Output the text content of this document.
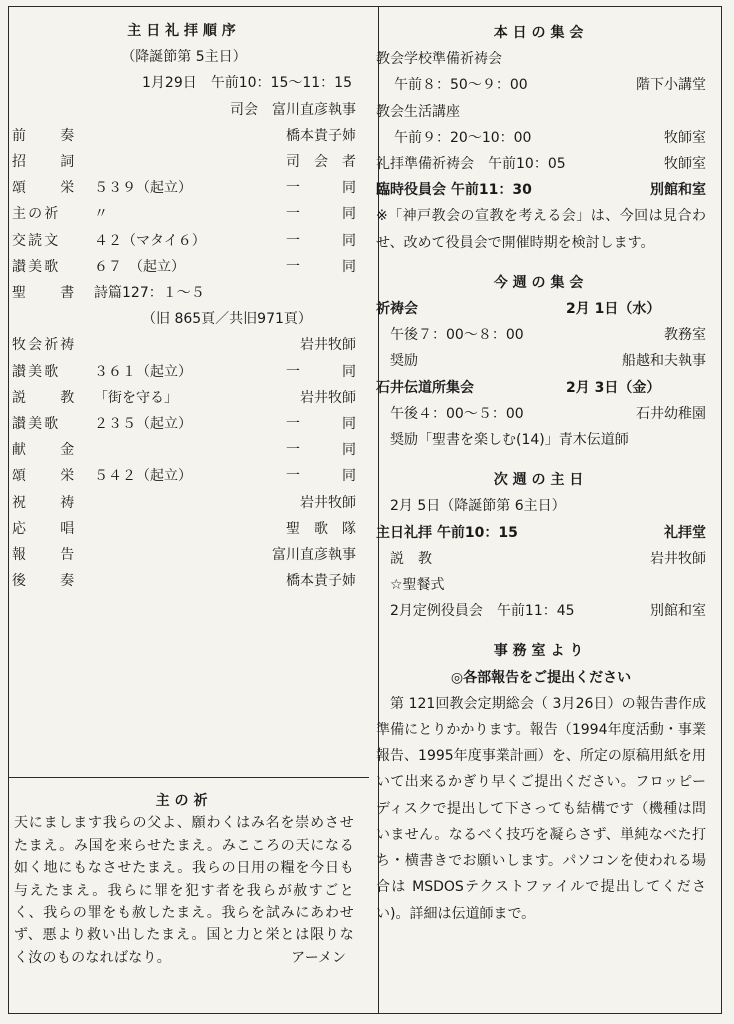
主日礼拝順序
（降誕節第 5主日）
1月29日　午前10：15〜11：15
司会　富川直彦執事
前　　奏	橋本貴子姉
招　　詞	司　会　者
頌　　栄	５３９（起立）	一　　　同
主の祈	〃	一　　　同
交読文	４２（マタイ６）	一　　　同
讃美歌	６７　（起立）	一　　　同
聖　　書	詩篇127：１〜５
（旧 865頁／共旧971頁）
牧会祈祷	岩井牧師
讃美歌	３６１（起立）	一　　　同
説　　教	「街を守る」	岩井牧師
讃美歌	２３５（起立）	一　　　同
献　　金	一　　　同
頌　　栄	５４２（起立）	一　　　同
祝　　祷	岩井牧師
応　　唱	聖　歌　隊
報　　告	富川直彦執事
後　　奏	橋本貴子姉
主の祈
天にまします我らの父よ、願わくはみ名を崇めさせたまえ。み国を来らせたまえ。みこころの天になる如く地にもなさせたまえ。我らの日用の糧を今日も与えたまえ。我らに罪を犯す者を我らが赦すごとく、我らの罪をも赦したまえ。我らを試みにあわせず、悪より救い出したまえ。国と力と栄とは限りなく汝のものなればなり。	アーメン
本日の集会
教会学校準備祈祷会
午前８：50〜９：00	階下小講堂
教会生活講座
午前９：20〜10：00	牧師室
礼拝準備祈祷会　午前10：05	牧師室
臨時役員会 午前11：30	別館和室
※「神戸教会の宣教を考える会」は、今回は見合わせ、改めて役員会で開催時期を検討します。
今週の集会
祈祷会	2月 1日（水）
午後７：00〜８：00	教務室
奨励	船越和夫執事
石井伝道所集会	2月 3日（金）
午後４：00〜５：00	石井幼稚園
奨励「聖書を楽しむ(14)」青木伝道師
次週の主日
2月 5日（降誕節第 6主日）
主日礼拝 午前10：15	礼拝堂
説　教	岩井牧師
☆聖餐式
2月定例役員会　午前11：45	別館和室
事務室より
◎各部報告をご提出ください
第 121回教会定期総会（ 3月26日）の報告書作成準備にとりかかります。報告（1994年度活動・事業報告、1995年度事業計画）を、所定の原稿用紙を用いて出来るかぎり早くご提出ください。フロッピーディスクで提出して下さっても結構です（機種は問いません。なるべく技巧を凝らさず、単純なべた打ち・横書きでお願いします。パソコンを使われる場合は MSDOSテクストファイルで提出してください)。詳細は伝道師まで。
